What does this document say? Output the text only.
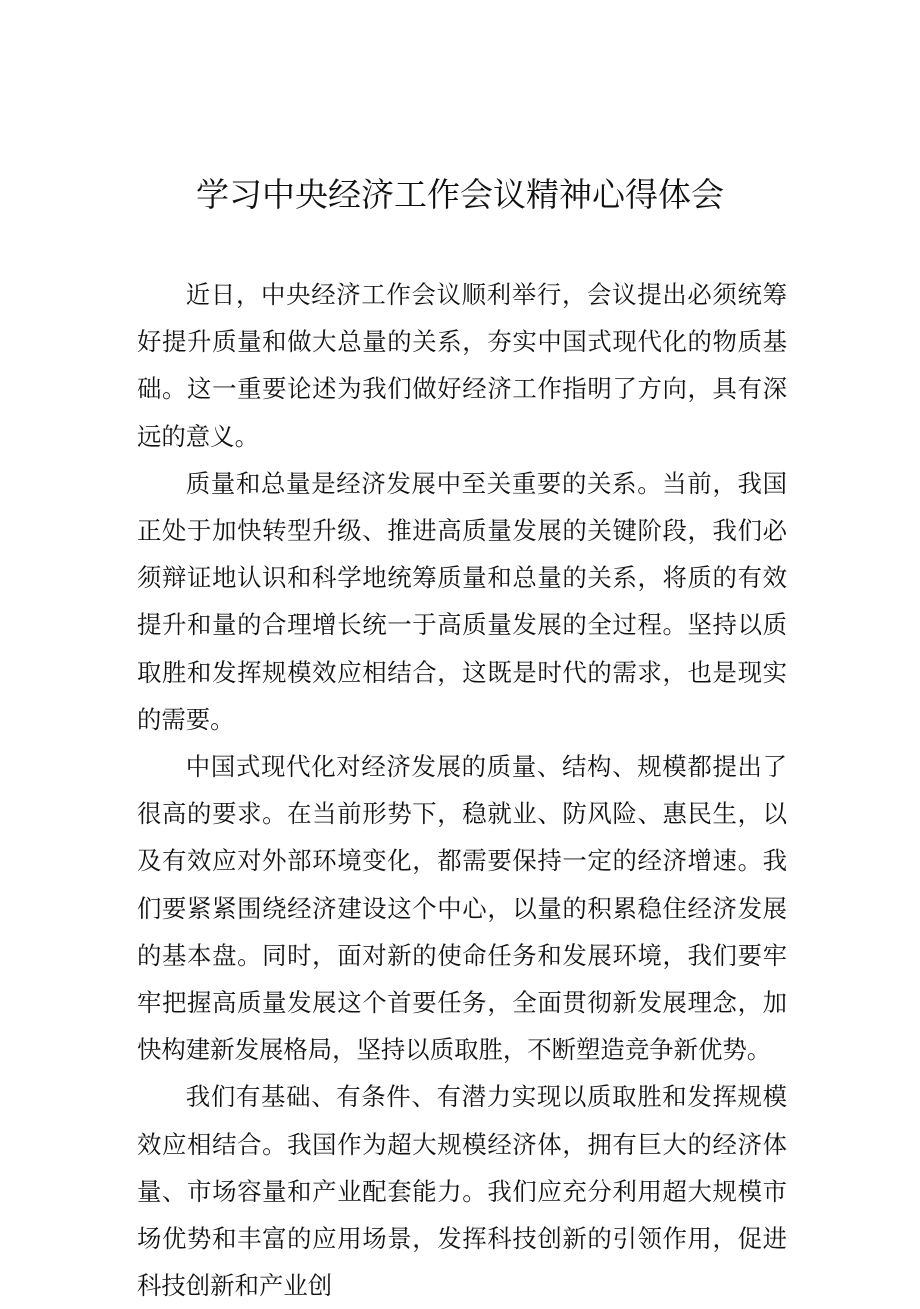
学习中央经济工作会议精神心得体会

近日，中央经济工作会议顺利举行，会议提出必须统筹好提升质量和做大总量的关系，夯实中国式现代化的物质基础。这一重要论述为我们做好经济工作指明了方向，具有深远的意义。

质量和总量是经济发展中至关重要的关系。当前，我国正处于加快转型升级、推进高质量发展的关键阶段，我们必须辩证地认识和科学地统筹质量和总量的关系，将质的有效提升和量的合理增长统一于高质量发展的全过程。坚持以质取胜和发挥规模效应相结合，这既是时代的需求，也是现实的需要。

中国式现代化对经济发展的质量、结构、规模都提出了很高的要求。在当前形势下，稳就业、防风险、惠民生，以及有效应对外部环境变化，都需要保持一定的经济增速。我们要紧紧围绕经济建设这个中心，以量的积累稳住经济发展的基本盘。同时，面对新的使命任务和发展环境，我们要牢牢把握高质量发展这个首要任务，全面贯彻新发展理念，加快构建新发展格局，坚持以质取胜，不断塑造竞争新优势。

我们有基础、有条件、有潜力实现以质取胜和发挥规模效应相结合。我国作为超大规模经济体，拥有巨大的经济体量、市场容量和产业配套能力。我们应充分利用超大规模市场优势和丰富的应用场景，发挥科技创新的引领作用，促进科技创新和产业创
